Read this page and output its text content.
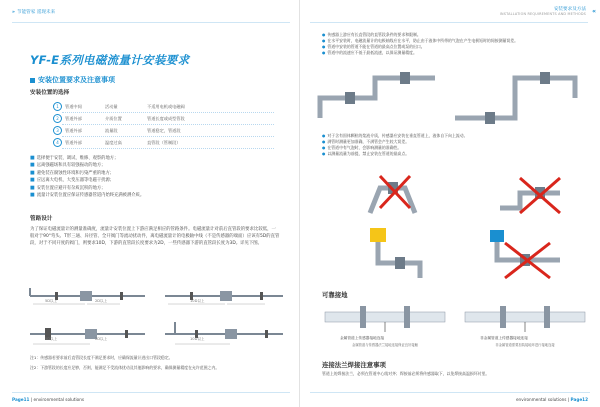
» 节能管家 遥现未来
YF-E系列电磁流量计安装要求
安装位置要求及注意事项
安装位置的选择
1	管道中间	活动量	不适用电机或电磁阀
2	管道外部	介质位置	管道长度或成型管段
3	管道外部	流量段	管道稳定，管道段
4	管道外部	温度过高	直管段（管制段）
■ 选择便于安装、调试、维修、观察的地方；
■ 远离强磁场和具有较强振动的地方；
■ 避免装在腐蚀性环境和污染严重的地方；
■ 应远离大电机、大变压器等电磁干扰源；
■ 安装位置应避开有杂质沉积的地方；
■ 流量计安装位置应保证传感器管道内始终充满被测介质。
管路设计
为了保证电磁流量计的测量准确度，流量计安装位置上下游应满足相应的管路条件。电磁流量计对前后直管段的要求比较低，一般对于90°弯头、T形三通、异径管、全开阀门等流动扰动件，离电磁流量计的电极轴中线（不是传感器的端面）应该有5D的直管段，对于不同开度的阀门，则要求10D，下游的直管段长度要求为2D，一些传感器下游的直管段长度为3D。详见下图。
5D以上	2D以上	10D以上
5D以上	2D以上	10D以上
注1：传感器若要求前后直管段长度不满足要求时，应确保流量计进出口管段稳定。
注2：下游管段的长度应足够，否则，能满足不受流体扰动及其他影响的要求，确保测量精度在允许范围之内。
Page11 | environmental solutions
安装要求及方法
INSTALLATION REQUIREMENTS AND METHODS «
● 传感器上游应有长直管段的直管段条件的要求和限制。
● 在水平安装时，电磁流量计的电极轴线应在水平，防止由于液体中所带的气泡在产生电极短时的间接测量误差。
● 管道中安装的管道不能在管道的最高点位置或泵的出口。
● 管道中的流速应不低于最低流速，以保证测量精度。
● 对于含有固体颗粒的浆液介质，传感器应安装在垂直管道上，液体自下向上流动。
● 满管时测量更加准确，不满管会产生较大误差。
● 在管道中有气泡时，会影响测量的准确性。
● 以测量流量为前提，禁止安装在管道的最高点。
可靠接地
金属管道上传感器接地连接
金属管道与传感器法兰接地连接保证良好接触
非金属管道上传感器接地连接
非金属管道需要加装接地环进行接地连接
连接法兰焊接注意事项
管道上的焊接法兰，必须在管道中心线对齐；焊接前必须将传感器取下，以免焊接高温损坏衬里。
environmental solutions | Page12
